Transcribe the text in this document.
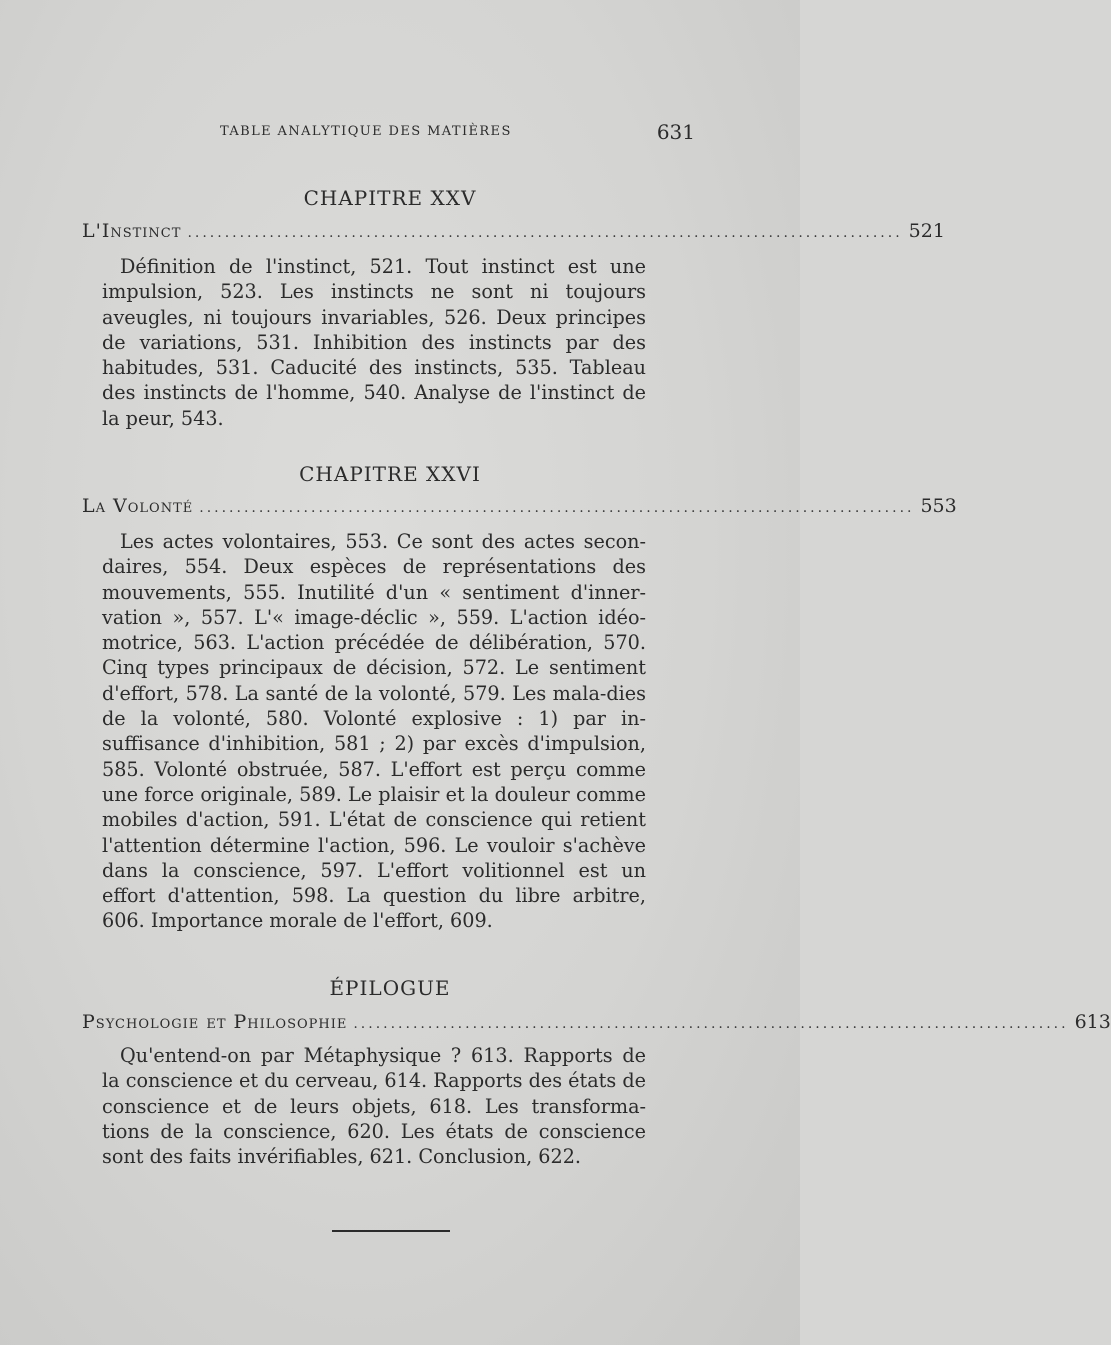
TABLE ANALYTIQUE DES MATIÈRES	631
CHAPITRE XXV
L'Instinct ................................................................................................ 521
Définition de l'instinct, 521. Tout instinct est une impulsion, 523. Les instincts ne sont ni toujours aveugles, ni toujours invariables, 526. Deux principes de variations, 531. Inhibition des instincts par des habitudes, 531. Caducité des instincts, 535. Tableau des instincts de l'homme, 540. Analyse de l'instinct de la peur, 543.
CHAPITRE XXVI
La Volonté ................................................................................................ 553
Les actes volontaires, 553. Ce sont des actes secon-daires, 554. Deux espèces de représentations des mouvements, 555. Inutilité d'un « sentiment d'inner-vation », 557. L'« image-déclic », 559. L'action idéo-motrice, 563. L'action précédée de délibération, 570. Cinq types principaux de décision, 572. Le sentiment d'effort, 578. La santé de la volonté, 579. Les mala-dies de la volonté, 580. Volonté explosive : 1) par in-suffisance d'inhibition, 581 ; 2) par excès d'impulsion, 585. Volonté obstruée, 587. L'effort est perçu comme une force originale, 589. Le plaisir et la douleur comme mobiles d'action, 591. L'état de conscience qui retient l'attention détermine l'action, 596. Le vouloir s'achève dans la conscience, 597. L'effort volitionnel est un effort d'attention, 598. La question du libre arbitre, 606. Importance morale de l'effort, 609.
ÉPILOGUE
Psychologie et Philosophie ................................................................................................ 613
Qu'entend-on par Métaphysique ? 613. Rapports de la conscience et du cerveau, 614. Rapports des états de conscience et de leurs objets, 618. Les transforma-tions de la conscience, 620. Les états de conscience sont des faits invérifiables, 621. Conclusion, 622.
